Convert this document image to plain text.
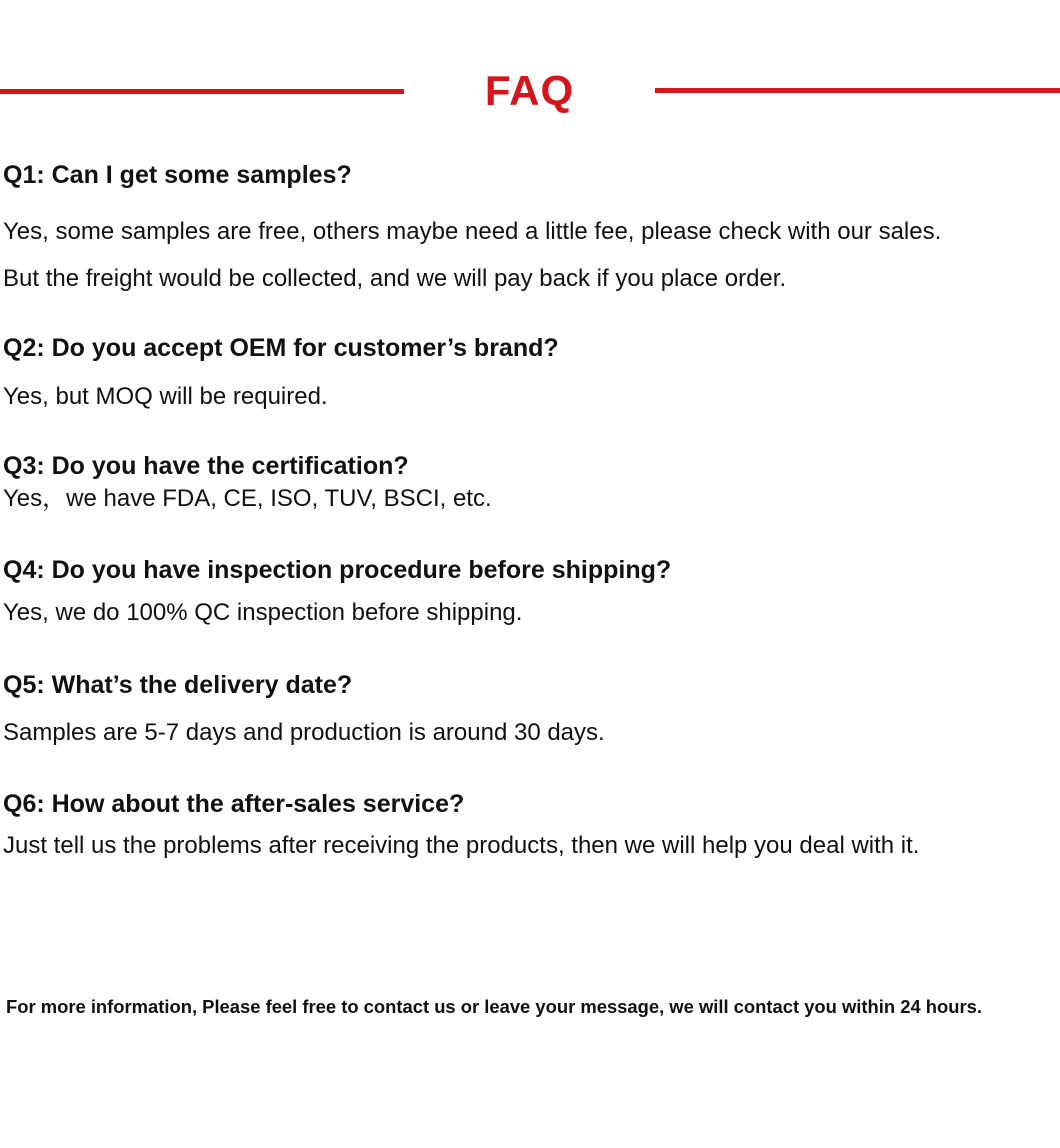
FAQ

Q1: Can I get some samples?

Yes, some samples are free, others maybe need a little fee, please check with our sales.
But the freight would be collected, and we will pay back if you place order.

Q2: Do you accept OEM for customer’s brand?

Yes, but MOQ will be required.

Q3: Do you have the certification?

Yes，we have FDA, CE, ISO, TUV, BSCI, etc.

Q4: Do you have inspection procedure before shipping?

Yes, we do 100% QC inspection before shipping.

Q5: What’s the delivery date?

Samples are 5-7 days and production is around 30 days.

Q6: How about the after-sales service?

Just tell us the problems after receiving the products, then we will help you deal with it.

For more information, Please feel free to contact us or leave your message, we will contact you within 24 hours.
